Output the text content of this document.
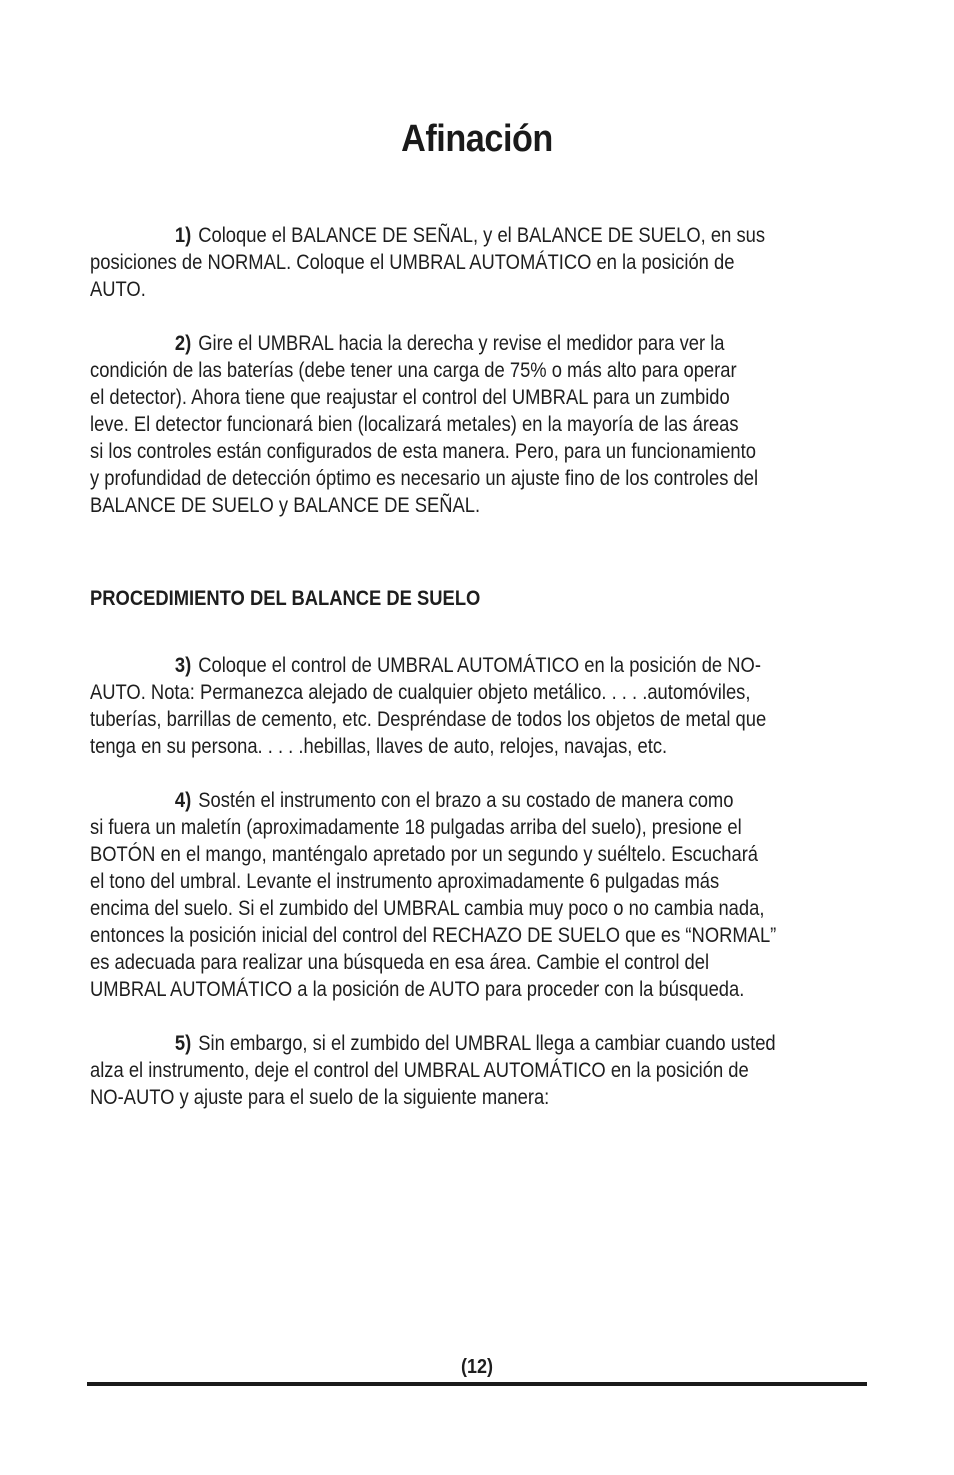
Afinación
1) Coloque el BALANCE DE SEÑAL, y el BALANCE DE SUELO, en sus
posiciones de NORMAL. Coloque el UMBRAL AUTOMÁTICO en la posición de
AUTO.
2) Gire el UMBRAL hacia la derecha y revise el medidor para ver la
condición de las baterías (debe tener una carga de 75% o más alto para operar
el detector). Ahora tiene que reajustar el control del UMBRAL para un zumbido
leve. El detector funcionará bien (localizará metales) en la mayoría de las áreas
si los controles están configurados de esta manera. Pero, para un funcionamiento
y profundidad de detección óptimo es necesario un ajuste fino de los controles del
BALANCE DE SUELO y BALANCE DE SEÑAL.
PROCEDIMIENTO DEL BALANCE DE SUELO
3) Coloque el control de UMBRAL AUTOMÁTICO en la posición de NO-
AUTO. Nota: Permanezca alejado de cualquier objeto metálico. . . . .automóviles,
tuberías, barrillas de cemento, etc. Despréndase de todos los objetos de metal que
tenga en su persona. . . . .hebillas, llaves de auto, relojes, navajas, etc.
4) Sostén el instrumento con el brazo a su costado de manera como
si fuera un maletín (aproximadamente 18 pulgadas arriba del suelo), presione el
BOTÓN en el mango, manténgalo apretado por un segundo y suéltelo. Escuchará
el tono del umbral. Levante el instrumento aproximadamente 6 pulgadas más
encima del suelo. Si el zumbido del UMBRAL cambia muy poco o no cambia nada,
entonces la posición inicial del control del RECHAZO DE SUELO que es “NORMAL”
es adecuada para realizar una búsqueda en esa área. Cambie el control del
UMBRAL AUTOMÁTICO a la posición de AUTO para proceder con la búsqueda.
5) Sin embargo, si el zumbido del UMBRAL llega a cambiar cuando usted
alza el instrumento, deje el control del UMBRAL AUTOMÁTICO en la posición de
NO-AUTO y ajuste para el suelo de la siguiente manera:
(12)
